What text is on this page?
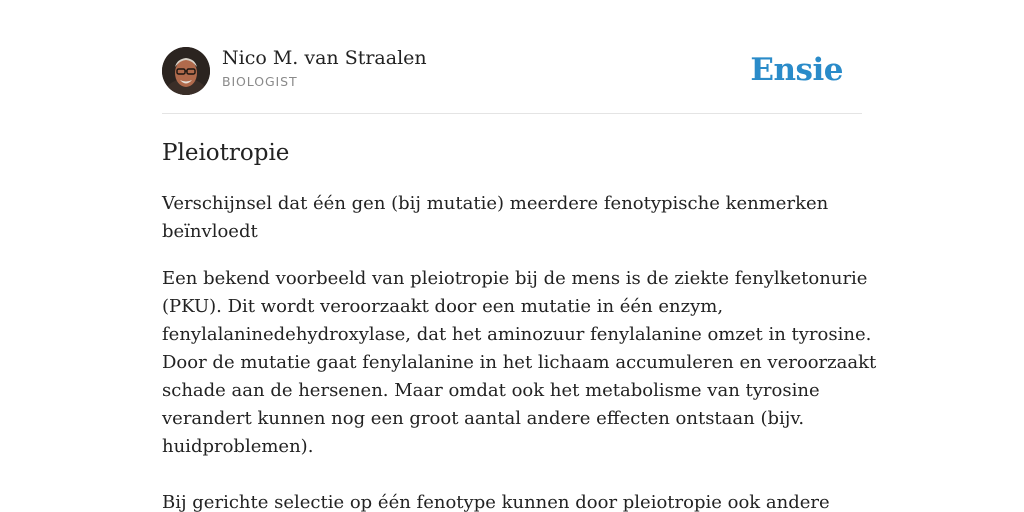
Nico M. van Straalen
BIOLOGIST	Ensie
Pleiotropie

Verschijnsel dat één gen (bij mutatie) meerdere fenotypische kenmerken
beïnvloedt

Een bekend voorbeeld van pleiotropie bij de mens is de ziekte fenylketonurie
(PKU). Dit wordt veroorzaakt door een mutatie in één enzym,
fenylalaninedehydroxylase, dat het aminozuur fenylalanine omzet in tyrosine.
Door de mutatie gaat fenylalanine in het lichaam accumuleren en veroorzaakt
schade aan de hersenen. Maar omdat ook het metabolisme van tyrosine
verandert kunnen nog een groot aantal andere effecten ontstaan (bijv.
huidproblemen).

Bij gerichte selectie op één fenotype kunnen door pleiotropie ook andere
